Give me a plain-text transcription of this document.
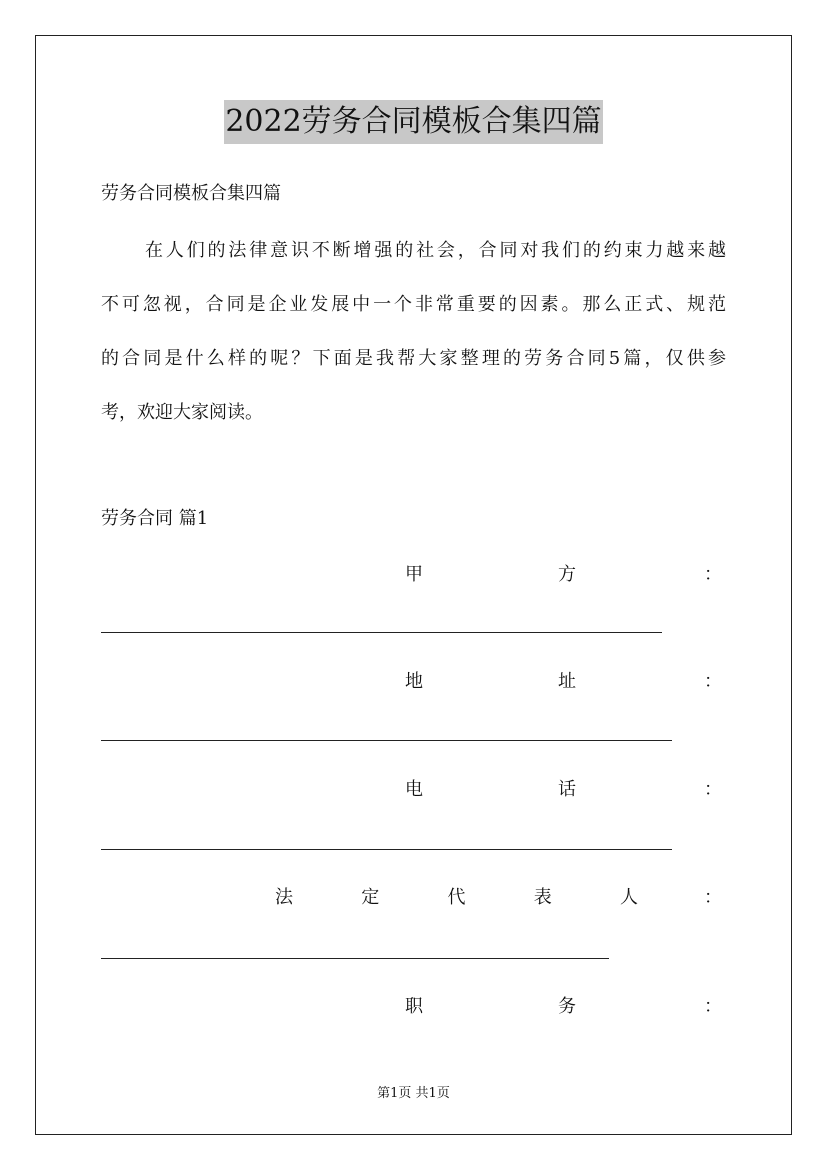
2022劳务合同模板合集四篇
劳务合同模板合集四篇
在人们的法律意识不断增强的社会，合同对我们的约束力越来越
不可忽视，合同是企业发展中一个非常重要的因素。那么正式、规范
的合同是什么样的呢？下面是我帮大家整理的劳务合同5篇，仅供参
考，欢迎大家阅读。
劳务合同 篇1
甲	方	：
地	址	：
电	话	：
法	定	代	表	人	：
职	务	：
第1页 共1页
